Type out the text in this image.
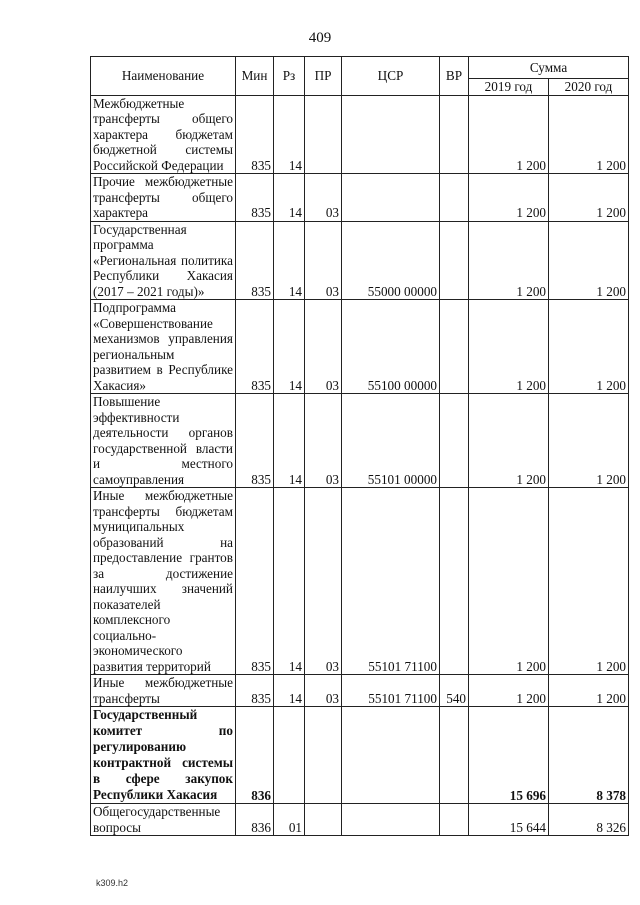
409
Наименование	Мин	Рз	ПР	ЦСР	ВР	Сумма	
						2019 год	2020 год
Межбюджетные трансферты общего характера бюджетам бюджетной системы Российской Федерации	835	14				1 200	1 200
Прочие межбюджетные трансферты общего характера	835	14	03			1 200	1 200
Государственная программа «Региональная политика Республики Хакасия (2017 – 2021 годы)»	835	14	03	55000 00000		1 200	1 200
Подпрограмма «Совершенствование механизмов управления региональным развитием в Республике Хакасия»	835	14	03	55100 00000		1 200	1 200
Повышение эффективности деятельности органов государственной власти и местного самоуправления	835	14	03	55101 00000		1 200	1 200
Иные межбюджетные трансферты бюджетам муниципальных образований на предоставление грантов за достижение наилучших значений показателей комплексного социально-экономического развития территорий	835	14	03	55101 71100		1 200	1 200
Иные межбюджетные трансферты	835	14	03	55101 71100	540	1 200	1 200
Государственный комитет по регулированию контрактной системы в сфере закупок Республики Хакасия	836					15 696	8 378
Общегосударственные вопросы	836	01				15 644	8 326
k309.h2
